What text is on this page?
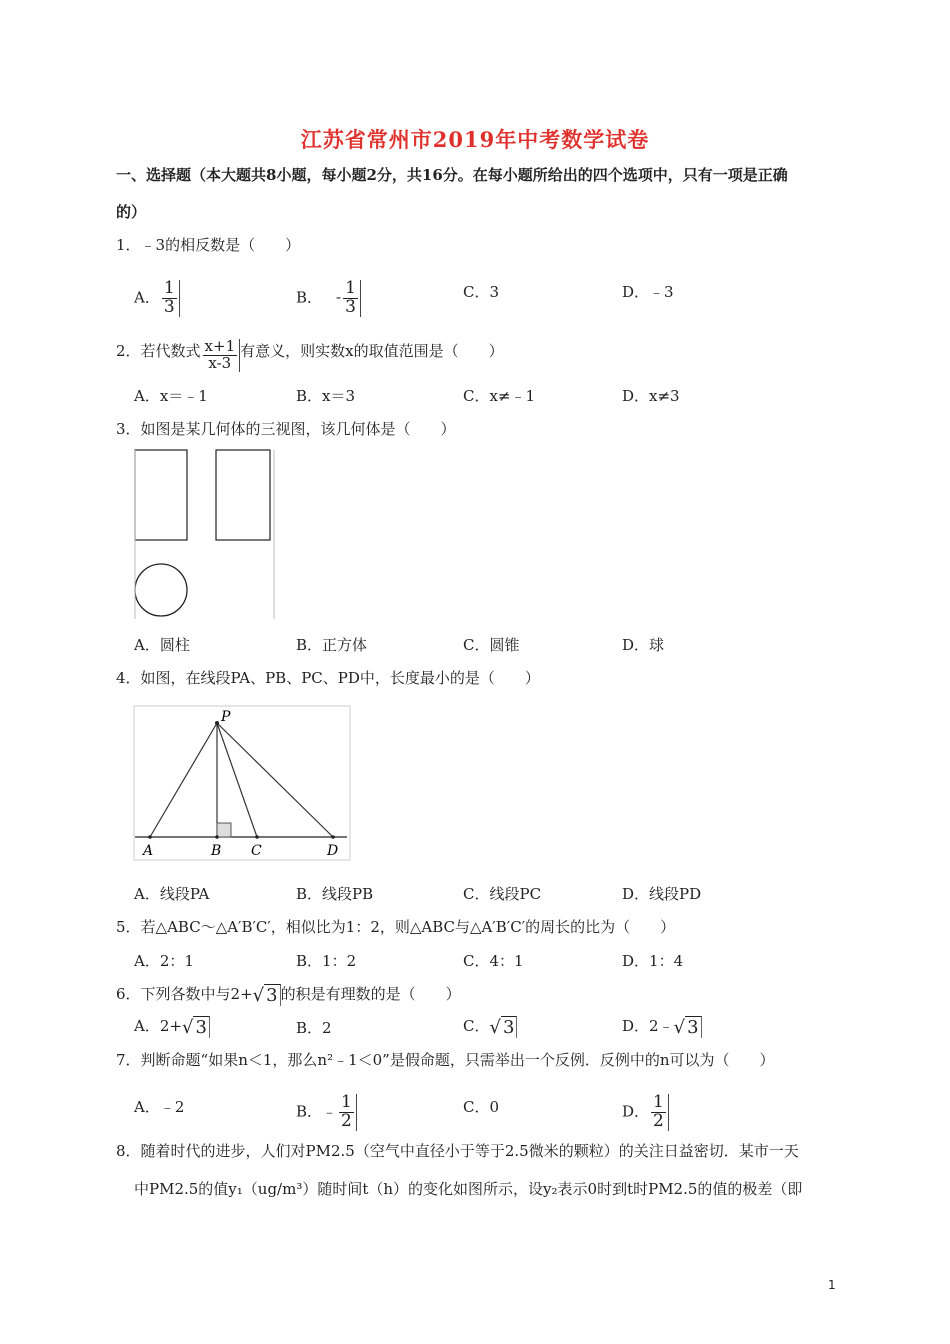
江苏省常州市2019年中考数学试卷
一、选择题（本大题共8小题，每小题2分，共16分。在每小题所给出的四个选项中，只有一项是正确
的）
1．﹣3的相反数是（　　）
A． $\frac{1}{3}$	B． - $\frac{1}{3}$	C．3	D．﹣3
2．若代数式 $\frac{x+1}{x-3}$ 有意义，则实数x的取值范围是（　　）
A．x＝﹣1	B．x＝3	C．x≠﹣1	D．x≠3
3．如图是某几何体的三视图，该几何体是（　　）
A．圆柱	B．正方体	C．圆锥	D．球
4．如图，在线段PA、PB、PC、PD中，长度最小的是（　　）
P
A	B C	D
A．线段PA	B．线段PB	C．线段PC	D．线段PD
5．若△ABC～△A′B′C′，相似比为1：2，则△ABC与△A′B′C′的周长的比为（　　）
A．2：1	B．1：2	C．4：1	D．1：4
6．下列各数中与2+√ 3 的积是有理数的是（　　）
A．2+√ 3	B．2	C．√ 3	D．2﹣√ 3
7．判断命题“如果n＜1，那么n²﹣1＜0”是假命题，只需举出一个反例．反例中的n可以为（　　）
A．﹣2	B．﹣ $\frac{1}{2}$	C．0	D． $\frac{1}{2}$
8．随着时代的进步，人们对PM2.5（空气中直径小于等于2.5微米的颗粒）的关注日益密切．某市一天
中PM2.5的值y₁（ug/m³）随时间t（h）的变化如图所示，设y₂表示0时到t时PM2.5的值的极差（即
1
